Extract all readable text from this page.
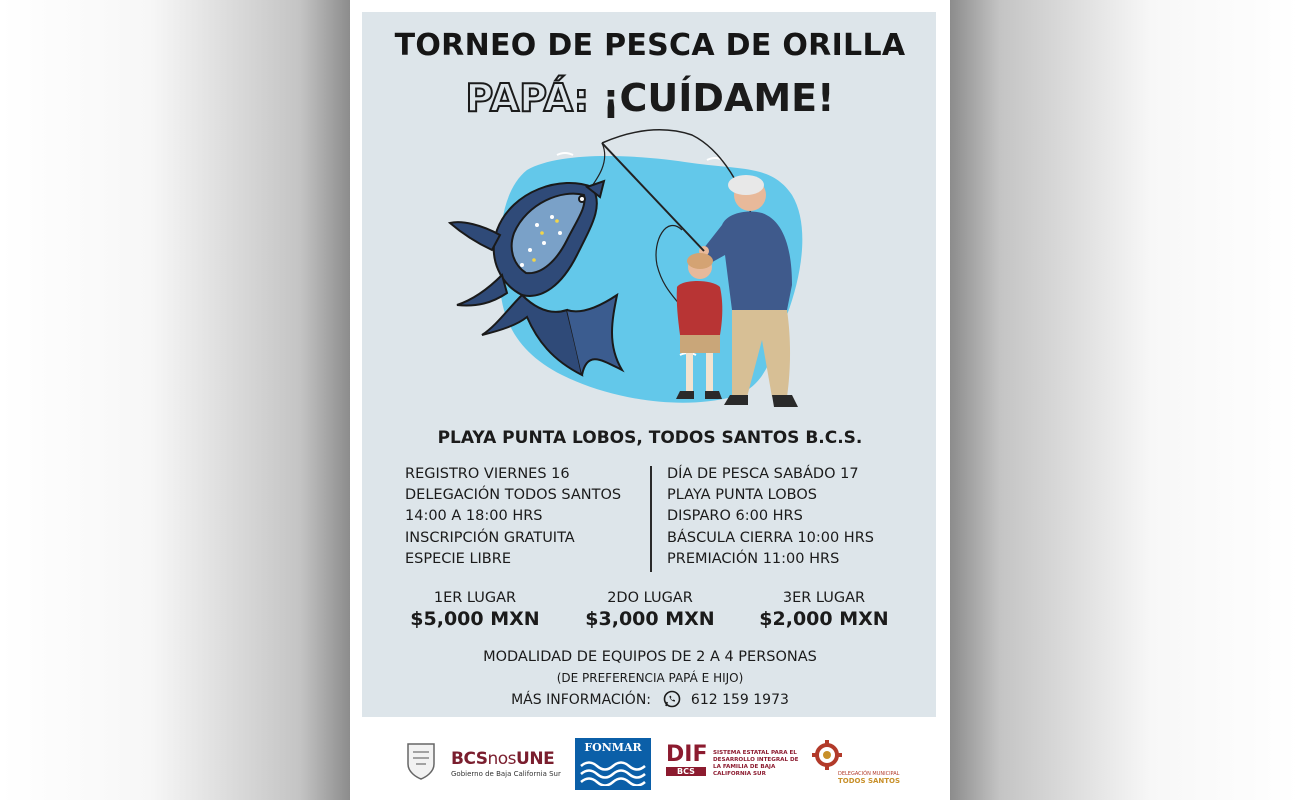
TORNEO DE PESCA DE ORILLA
PAPÁ: ¡CUÍDAME!
PLAYA PUNTA LOBOS, TODOS SANTOS B.C.S.
REGISTRO VIERNES 16
DELEGACIÓN TODOS SANTOS
14:00 A 18:00 HRS
INSCRIPCIÓN GRATUITA
ESPECIE LIBRE
DÍA DE PESCA SABÁDO 17
PLAYA PUNTA LOBOS
DISPARO 6:00 HRS
BÁSCULA CIERRA 10:00 HRS
PREMIACIÓN 11:00 HRS
1ER LUGAR
$5,000 MXN
2DO LUGAR
$3,000 MXN
3ER LUGAR
$2,000 MXN
MODALIDAD DE EQUIPOS DE 2 A 4 PERSONAS
(DE PREFERENCIA PAPÁ E HIJO)
MÁS INFORMACIÓN:	612 159 1973
BCSnosUNE
Gobierno de Baja California Sur
FONMAR	DIF
BCS
SISTEMA ESTATAL PARA EL DESARROLLO INTEGRAL DE LA FAMILIA DE BAJA CALIFORNIA SUR	DELEGACIÓN MUNICIPAL
TODOS SANTOS
